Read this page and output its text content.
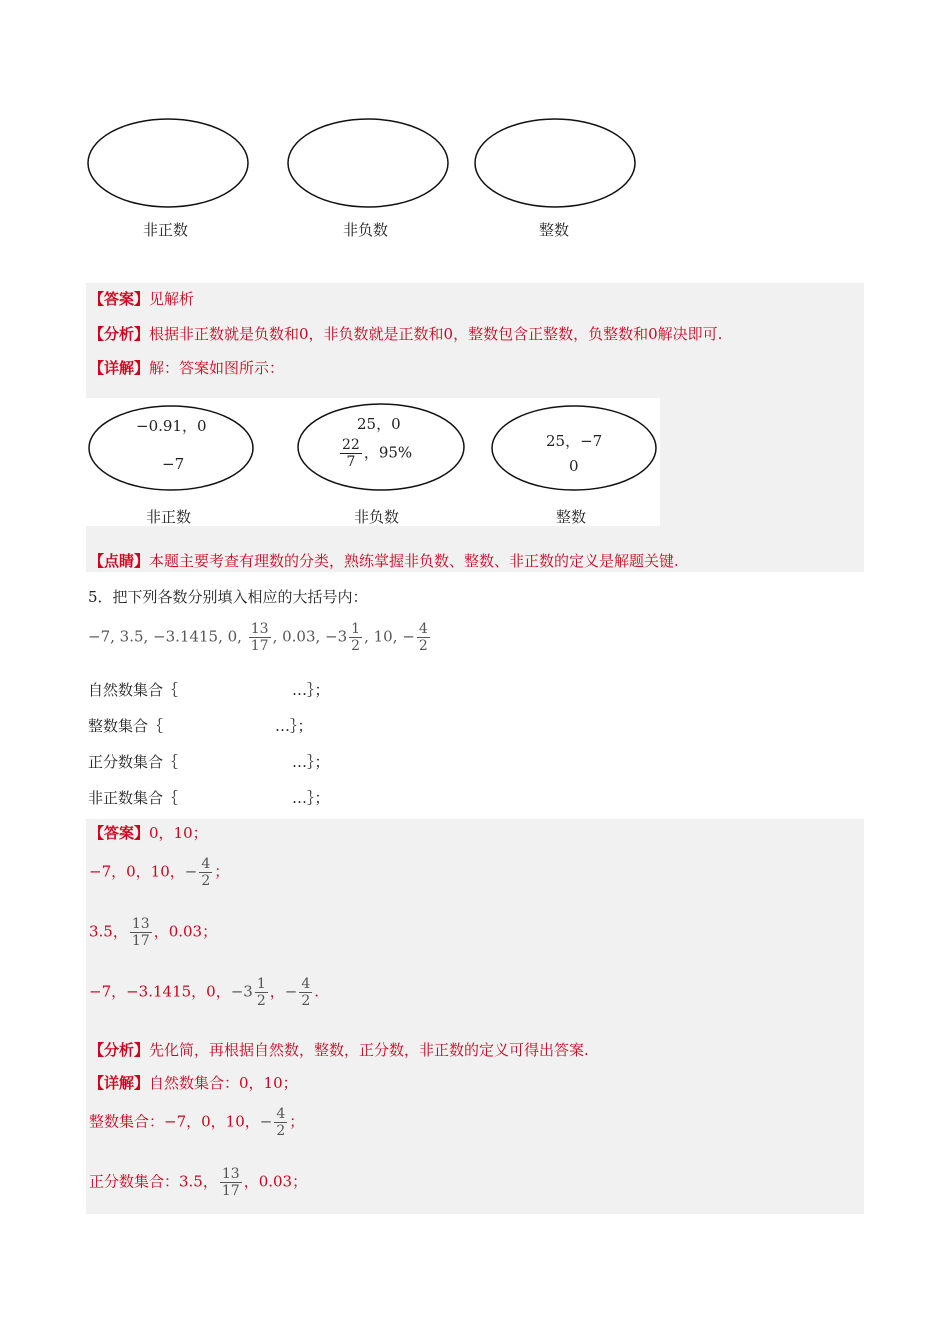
非正数	非负数	整数
【答案】见解析
【分析】根据非正数就是负数和0，非负数就是正数和0，整数包含正整数，负整数和0解决即可.
【详解】解：答案如图所示：
−0.91，0
−7
25，0
$\frac{22}{7}$ ，95%
25，−7
0
非正数	非负数	整数
【点睛】本题主要考查有理数的分类，熟练掌握非负数、整数、非正数的定义是解题关键.
5．把下列各数分别填入相应的大括号内：
−7, 3.5, −3.1415, 0, $\frac{13}{17}$ , 0.03, $-3 \frac{1}{2}$ , 10, − $\frac{4}{2}$
自然数集合｛	…｝；
整数集合｛	…｝；
正分数集合｛	…｝；
非正数集合｛	…｝；
【答案】0，10；
−7，0，10，− $\frac{4}{2}$ ；
3.5， $\frac{13}{17}$ ，0.03；
−7，−3.1415，0，$-3 \frac{1}{2}$ ，− $\frac{4}{2}$ .
【分析】先化简，再根据自然数，整数，正分数，非正数的定义可得出答案.
【详解】自然数集合：0，10；
整数集合：−7，0，10，− $\frac{4}{2}$ ；
正分数集合：3.5， $\frac{13}{17}$ ，0.03；
